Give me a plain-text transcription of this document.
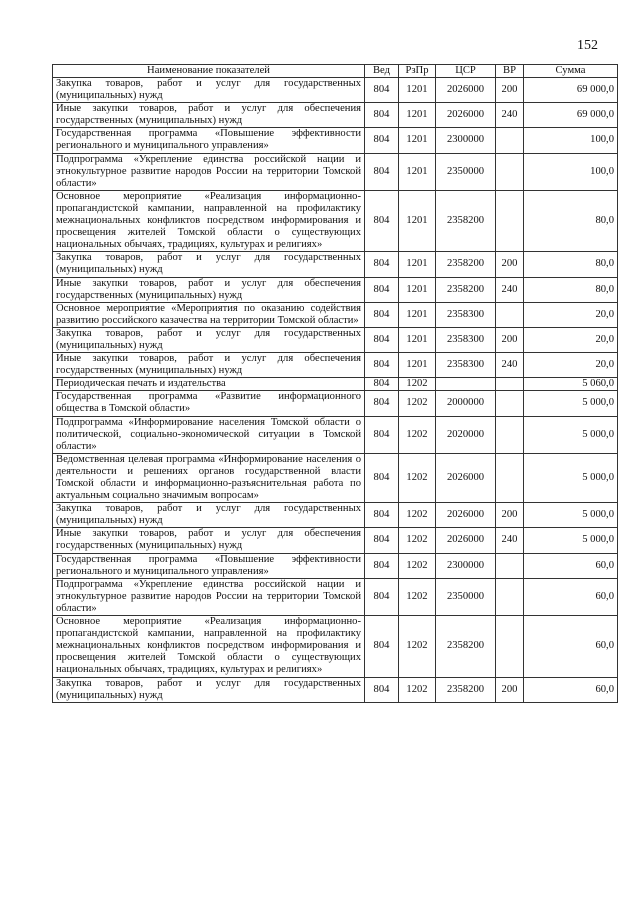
152
Наименование показателей	Вед	РзПр	ЦСР	ВР	Сумма
Закупка товаров, работ и услуг для государственных (муниципальных) нужд	804	1201	2026000	200	69 000,0
Иные закупки товаров, работ и услуг для обеспечения государственных (муниципальных) нужд	804	1201	2026000	240	69 000,0
Государственная программа «Повышение эффективности регионального и муниципального управления»	804	1201	2300000		100,0
Подпрограмма «Укрепление единства российской нации и этнокультурное развитие народов России на территории Томской области»	804	1201	2350000		100,0
Основное мероприятие «Реализация информационно-пропагандистской кампании, направленной на профилактику межнациональных конфликтов посредством информирования и просвещения жителей Томской области о существующих национальных обычаях, традициях, культурах и религиях»	804	1201	2358200		80,0
Закупка товаров, работ и услуг для государственных (муниципальных) нужд	804	1201	2358200	200	80,0
Иные закупки товаров, работ и услуг для обеспечения государственных (муниципальных) нужд	804	1201	2358200	240	80,0
Основное мероприятие «Мероприятия по оказанию содействия развитию российского казачества на территории Томской области»	804	1201	2358300		20,0
Закупка товаров, работ и услуг для государственных (муниципальных) нужд	804	1201	2358300	200	20,0
Иные закупки товаров, работ и услуг для обеспечения государственных (муниципальных) нужд	804	1201	2358300	240	20,0
Периодическая печать и издательства	804	1202			5 060,0
Государственная программа «Развитие информационного общества в Томской области»	804	1202	2000000		5 000,0
Подпрограмма «Информирование населения Томской области о политической, социально-экономической ситуации в Томской области»	804	1202	2020000		5 000,0
Ведомственная целевая программа «Информирование населения о деятельности и решениях органов государственной власти Томской области и информационно-разъяснительная работа по актуальным социально значимым вопросам»	804	1202	2026000		5 000,0
Закупка товаров, работ и услуг для государственных (муниципальных) нужд	804	1202	2026000	200	5 000,0
Иные закупки товаров, работ и услуг для обеспечения государственных (муниципальных) нужд	804	1202	2026000	240	5 000,0
Государственная программа «Повышение эффективности регионального и муниципального управления»	804	1202	2300000		60,0
Подпрограмма «Укрепление единства российской нации и этнокультурное развитие народов России на территории Томской области»	804	1202	2350000		60,0
Основное мероприятие «Реализация информационно-пропагандистской кампании, направленной на профилактику межнациональных конфликтов посредством информирования и просвещения жителей Томской области о существующих национальных обычаях, традициях, культурах и религиях»	804	1202	2358200		60,0
Закупка товаров, работ и услуг для государственных (муниципальных) нужд	804	1202	2358200	200	60,0
